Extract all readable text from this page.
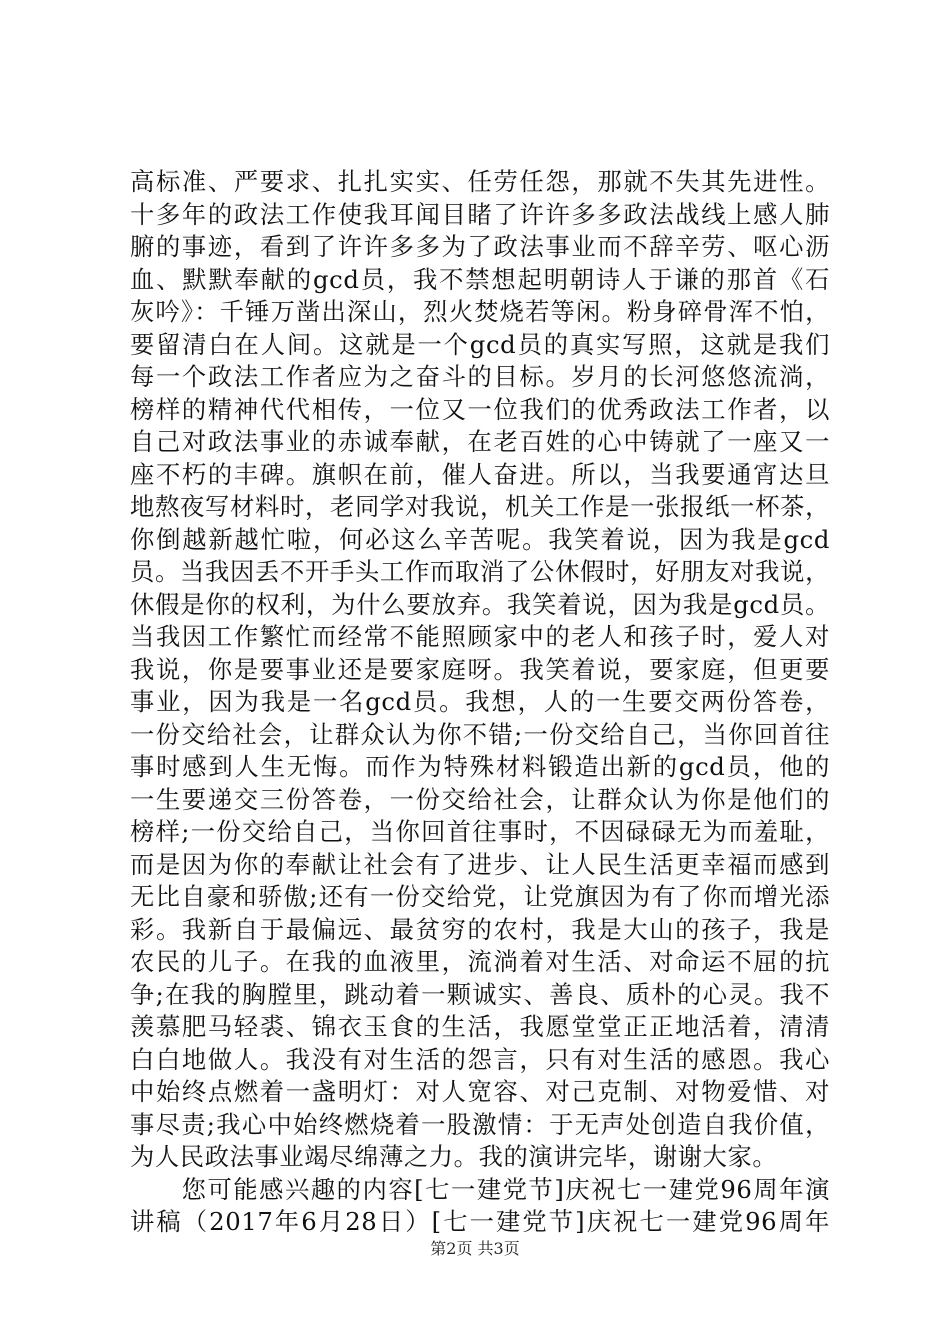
高标准、严要求、扎扎实实、任劳任怨，那就不失其先进性。
十多年的政法工作使我耳闻目睹了许许多多政法战线上感人肺
腑的事迹，看到了许许多多为了政法事业而不辞辛劳、呕心沥
血、默默奉献的gcd员，我不禁想起明朝诗人于谦的那首《石
灰吟》：千锤万凿出深山，烈火焚烧若等闲。粉身碎骨浑不怕，
要留清白在人间。这就是一个gcd员的真实写照，这就是我们
每一个政法工作者应为之奋斗的目标。岁月的长河悠悠流淌，
榜样的精神代代相传，一位又一位我们的优秀政法工作者，以
自己对政法事业的赤诚奉献，在老百姓的心中铸就了一座又一
座不朽的丰碑。旗帜在前，催人奋进。所以，当我要通宵达旦
地熬夜写材料时，老同学对我说，机关工作是一张报纸一杯茶，
你倒越新越忙啦，何必这么辛苦呢。我笑着说，因为我是gcd
员。当我因丢不开手头工作而取消了公休假时，好朋友对我说，
休假是你的权利，为什么要放弃。我笑着说，因为我是gcd员。
当我因工作繁忙而经常不能照顾家中的老人和孩子时，爱人对
我说，你是要事业还是要家庭呀。我笑着说，要家庭，但更要
事业，因为我是一名gcd员。我想，人的一生要交两份答卷，
一份交给社会，让群众认为你不错;一份交给自己，当你回首往
事时感到人生无悔。而作为特殊材料锻造出新的gcd员，他的
一生要递交三份答卷，一份交给社会，让群众认为你是他们的
榜样;一份交给自己，当你回首往事时，不因碌碌无为而羞耻，
而是因为你的奉献让社会有了进步、让人民生活更幸福而感到
无比自豪和骄傲;还有一份交给党，让党旗因为有了你而增光添
彩。我新自于最偏远、最贫穷的农村，我是大山的孩子，我是
农民的儿子。在我的血液里，流淌着对生活、对命运不屈的抗
争;在我的胸膛里，跳动着一颗诚实、善良、质朴的心灵。我不
羡慕肥马轻裘、锦衣玉食的生活，我愿堂堂正正地活着，清清
白白地做人。我没有对生活的怨言，只有对生活的感恩。我心
中始终点燃着一盏明灯：对人宽容、对己克制、对物爱惜、对
事尽责;我心中始终燃烧着一股激情：于无声处创造自我价值，
为人民政法事业竭尽绵薄之力。我的演讲完毕，谢谢大家。
　　您可能感兴趣的内容[七一建党节]庆祝七一建党96周年演
讲稿（2017年6月28日）[七一建党节]庆祝七一建党96周年
第2页 共3页
